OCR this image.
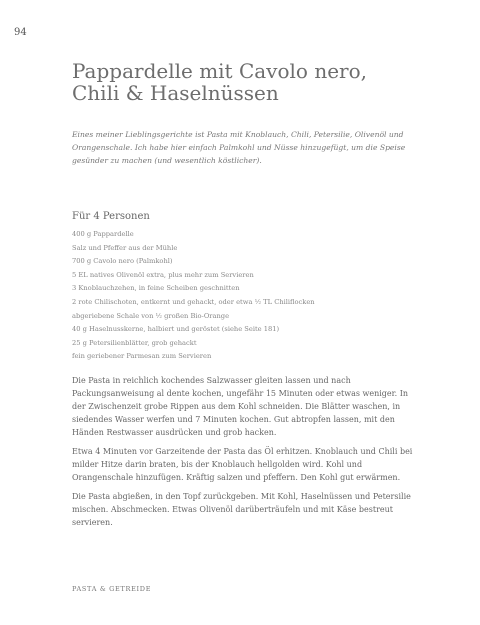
94
Pappardelle mit Cavolo nero,
Chili & Haselnüssen

Eines meiner Lieblingsgerichte ist Pasta mit Knoblauch, Chili, Petersilie, Olivenöl und Orangenschale. Ich habe hier einfach Palmkohl und Nüsse hinzugefügt, um die Speise gesünder zu machen (und wesentlich köstlicher).

Für 4 Personen
400 g Pappardelle
Salz und Pfeffer aus der Mühle
700 g Cavolo nero (Palmkohl)
5 EL natives Olivenöl extra, plus mehr zum Servieren
3 Knoblauchzehen, in feine Scheiben geschnitten
2 rote Chilischoten, entkernt und gehackt, oder etwa ½ TL Chiliflocken
abgeriebene Schale von ½ großen Bio-Orange
40 g Haselnusskerne, halbiert und geröstet (siehe Seite 181)
25 g Petersilienblätter, grob gehackt
fein geriebener Parmesan zum Servieren

Die Pasta in reichlich kochendes Salzwasser gleiten lassen und nach Packungsanweisung al dente kochen, ungefähr 15 Minuten oder etwas weniger. In der Zwischenzeit grobe Rippen aus dem Kohl schneiden. Die Blätter waschen, in siedendes Wasser werfen und 7 Minuten kochen. Gut abtropfen lassen, mit den Händen Restwasser ausdrücken und grob hacken.

Etwa 4 Minuten vor Garzeitende der Pasta das Öl erhitzen. Knoblauch und Chili bei milder Hitze darin braten, bis der Knoblauch hellgolden wird. Kohl und Orangenschale hinzufügen. Kräftig salzen und pfeffern. Den Kohl gut erwärmen.

Die Pasta abgießen, in den Topf zurückgeben. Mit Kohl, Haselnüssen und Petersilie mischen. Abschmecken. Etwas Olivenöl darüberträufeln und mit Käse bestreut servieren.

PASTA & GETREIDE
